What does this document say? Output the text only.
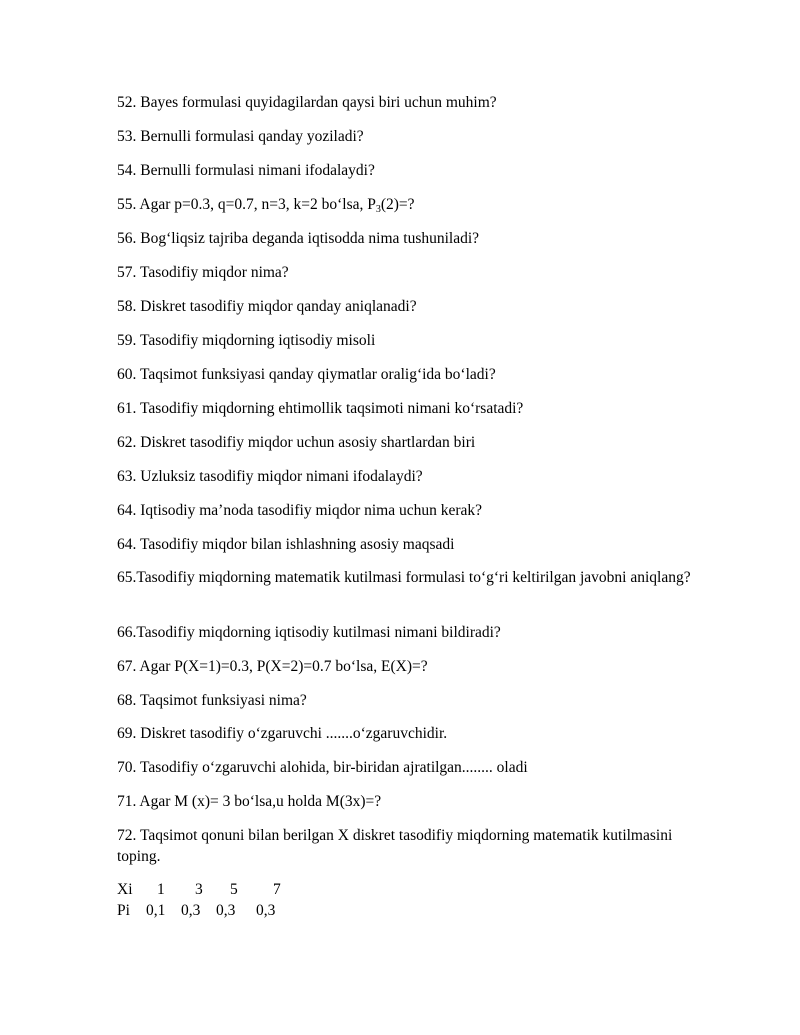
52. Bayes formulasi quyidagilardan qaysi biri uchun muhim?
53. Bernulli formulasi qanday yoziladi?
54. Bernulli formulasi nimani ifodalaydi?
55. Agar p=0.3, q=0.7, n=3, k=2 bo‘lsa, $P_3(2)=$?
56. Bog‘liqsiz tajriba deganda iqtisodda nima tushuniladi?
57. Tasodifiy miqdor nima?
58. Diskret tasodifiy miqdor qanday aniqlanadi?
59. Tasodifiy miqdorning iqtisodiy misoli
60. Taqsimot funksiyasi qanday qiymatlar oralig‘ida bo‘ladi?
61. Tasodifiy miqdorning ehtimollik taqsimoti nimani ko‘rsatadi?
62. Diskret tasodifiy miqdor uchun asosiy shartlardan biri
63. Uzluksiz tasodifiy miqdor nimani ifodalaydi?
64. Iqtisodiy ma’noda tasodifiy miqdor nima uchun kerak?
64. Tasodifiy miqdor bilan ishlashning asosiy maqsadi
65.Tasodifiy miqdorning matematik kutilmasi formulasi to‘g‘ri keltirilgan javobni aniqlang?
66.Tasodifiy miqdorning iqtisodiy kutilmasi nimani bildiradi?
67. Agar P(X=1)=0.3, P(X=2)=0.7 bo‘lsa, E(X)=?
68. Taqsimot funksiyasi nima?
69. Diskret tasodifiy o‘zgaruvchi .......o‘zgaruvchidir.
70. Tasodifiy o‘zgaruvchi alohida, bir-biridan ajratilgan........ oladi
71. Agar M (x)= 3 bo‘lsa,u holda M(3x)=?
72. Taqsimot qonuni bilan berilgan X diskret tasodifiy miqdorning matematik kutilmasini toping.
Xi 1 3 5 7
Pi 0,1 0,3 0,3 0,3
